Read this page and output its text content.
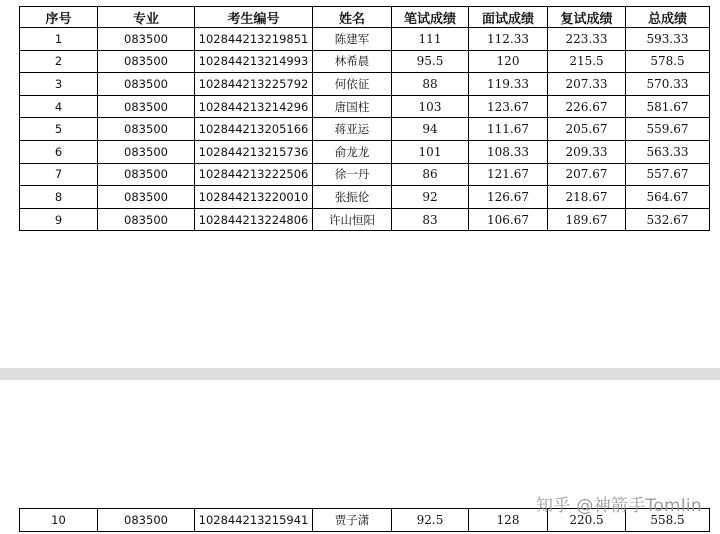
序号	专业	考生编号	姓名	笔试成绩	面试成绩	复试成绩	总成绩
1	083500	102844213219851	陈建军	111	112.33	223.33	593.33
2	083500	102844213214993	林希晨	95.5	120	215.5	578.5
3	083500	102844213225792	何依征	88	119.33	207.33	570.33
4	083500	102844213214296	唐国柱	103	123.67	226.67	581.67
5	083500	102844213205166	蒋亚运	94	111.67	205.67	559.67
6	083500	102844213215736	俞龙龙	101	108.33	209.33	563.33
7	083500	102844213222506	徐一丹	86	121.67	207.67	557.67
8	083500	102844213220010	张振伦	92	126.67	218.67	564.67
9	083500	102844213224806	许山恒阳	83	106.67	189.67	532.67
10	083500	102844213215941	贾子潇	92.5	128	220.5	558.5
知乎 @神箭手Tomlin
